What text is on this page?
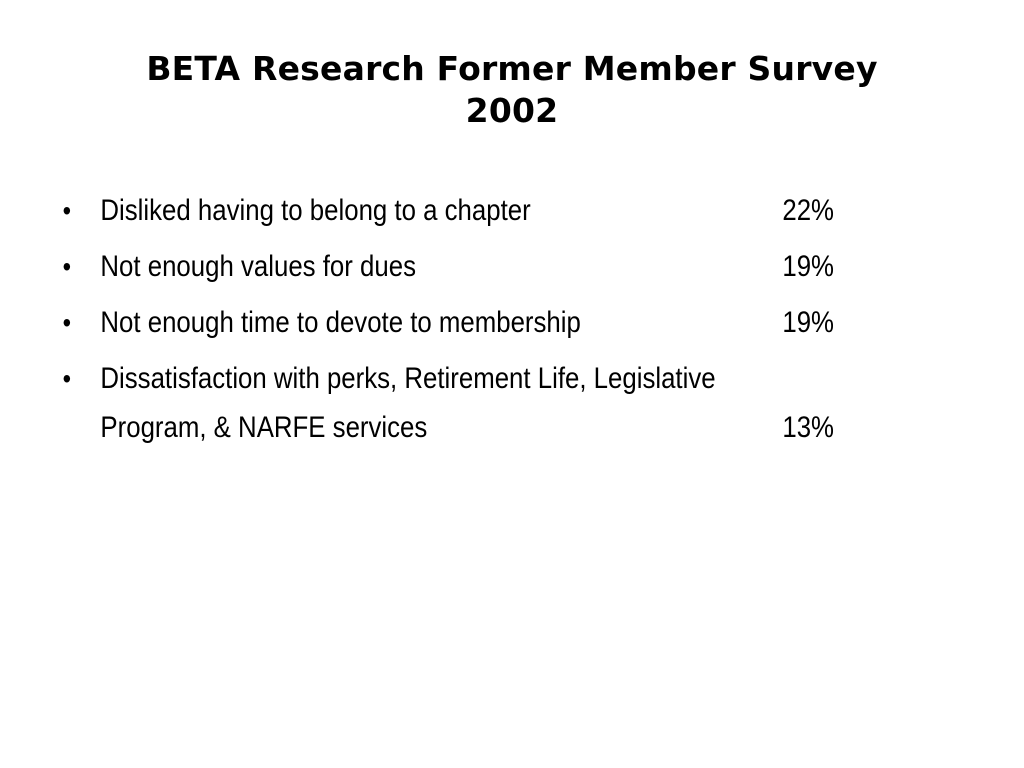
BETA Research Former Member Survey
2002
• Disliked having to belong to a chapter	22%
• Not enough values for dues	19%
• Not enough time to devote to membership	19%
• Dissatisfaction with perks, Retirement Life, Legislative
Program, & NARFE services	13%
